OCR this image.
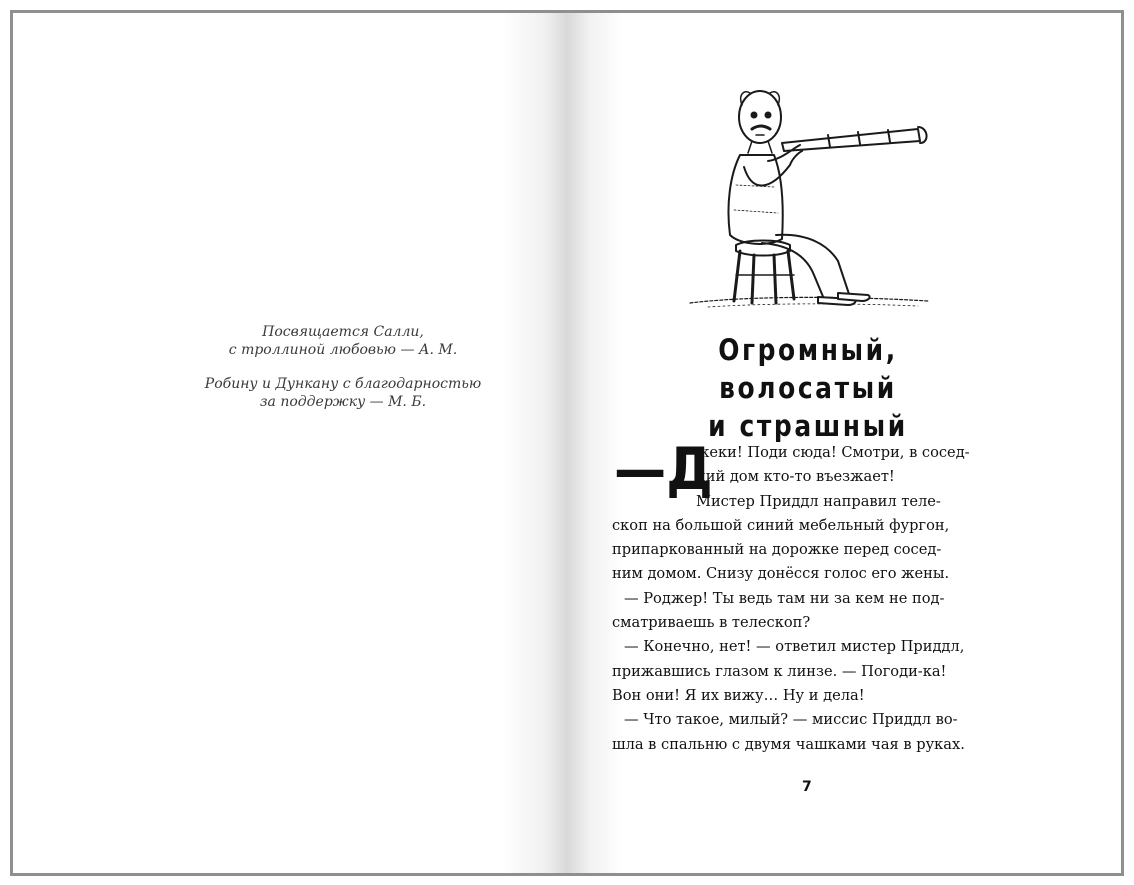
Посвящается Салли,
с троллиной любовью — А. М.

Робину и Дункану с благодарностью
за поддержку — М. Б.

Огромный, волосатый
и страшный
—Д
жеки! Поди сюда! Смотри, в сосед-
ний дом кто-то въезжает!
Мистер Приддл направил теле-
скоп на большой синий мебельный фургон,
припаркованный на дорожке перед сосед-
ним домом. Снизу донёсся голос его жены.
— Роджер! Ты ведь там ни за кем не под-
сматриваешь в телескоп?
— Конечно, нет! — ответил мистер Приддл,
прижавшись глазом к линзе. — Погоди-ка!
Вон они! Я их вижу… Ну и дела!
— Что такое, милый? — миссис Приддл во-
шла в спальню с двумя чашками чая в руках.
7
